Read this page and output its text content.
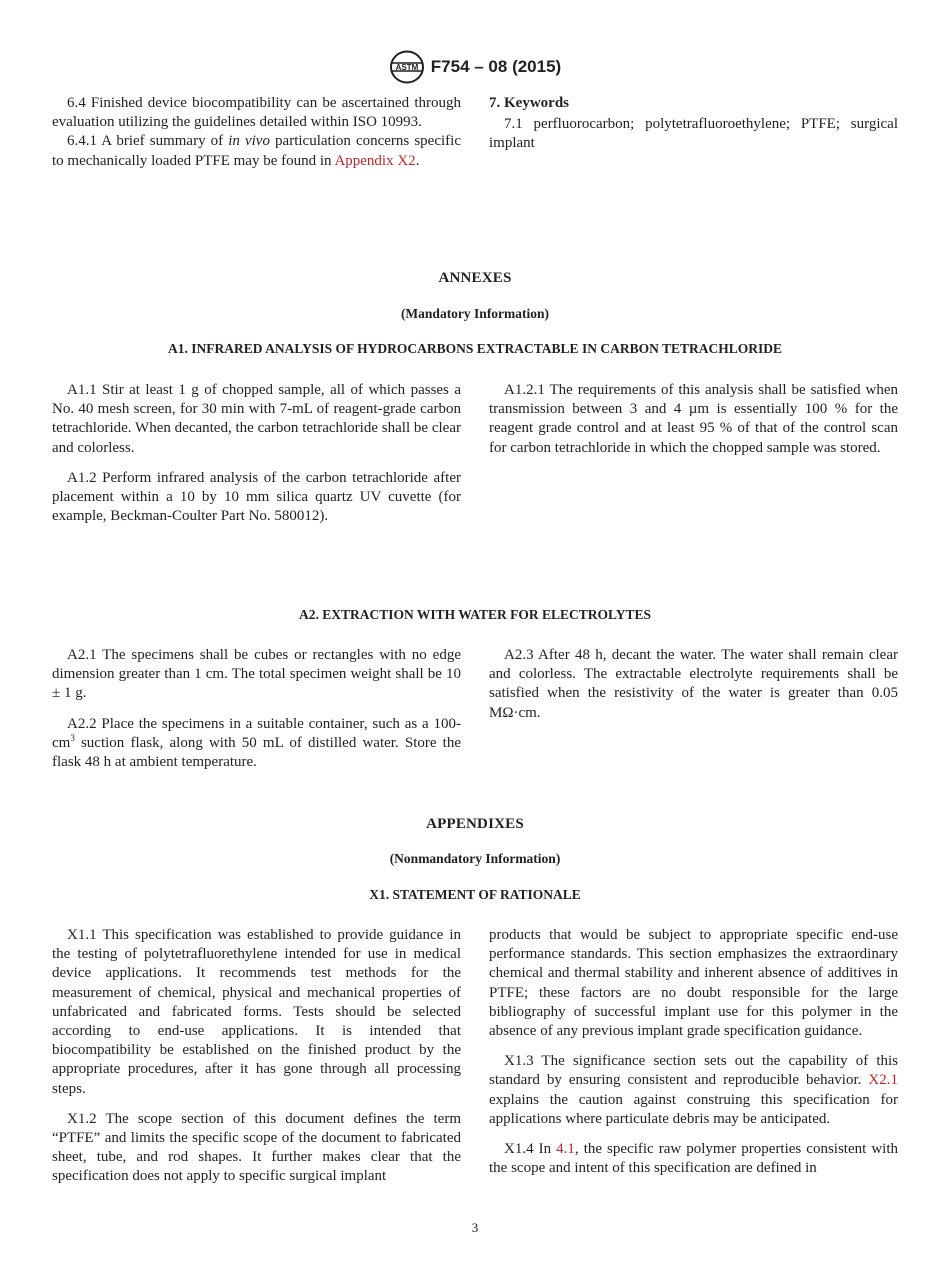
ASTM F754 – 08 (2015)

6.4 Finished device biocompatibility can be ascertained through evaluation utilizing the guidelines detailed within ISO 10993.

6.4.1 A brief summary of in vivo particulation concerns specific to mechanically loaded PTFE may be found in Appendix X2.

7. Keywords

7.1 perfluorocarbon; polytetrafluoroethylene; PTFE; surgical implant

ANNEXES
(Mandatory Information)
A1. INFRARED ANALYSIS OF HYDROCARBONS EXTRACTABLE IN CARBON TETRACHLORIDE

A1.1 Stir at least 1 g of chopped sample, all of which passes a No. 40 mesh screen, for 30 min with 7-mL of reagent-grade carbon tetrachloride. When decanted, the carbon tetrachloride shall be clear and colorless.

A1.2 Perform infrared analysis of the carbon tetrachloride after placement within a 10 by 10 mm silica quartz UV cuvette (for example, Beckman-Coulter Part No. 580012).

A1.2.1 The requirements of this analysis shall be satisfied when transmission between 3 and 4 µm is essentially 100 % for the reagent grade control and at least 95 % of that of the control scan for carbon tetrachloride in which the chopped sample was stored.

A2. EXTRACTION WITH WATER FOR ELECTROLYTES

A2.1 The specimens shall be cubes or rectangles with no edge dimension greater than 1 cm. The total specimen weight shall be 10 ± 1 g.

A2.2 Place the specimens in a suitable container, such as a $100-cm^3$ suction flask, along with 50 mL of distilled water. Store the flask 48 h at ambient temperature.

A2.3 After 48 h, decant the water. The water shall remain clear and colorless. The extractable electrolyte requirements shall be satisfied when the resistivity of the water is greater than 0.05 MΩ·cm.

APPENDIXES
(Nonmandatory Information)
X1. STATEMENT OF RATIONALE

X1.1 This specification was established to provide guidance in the testing of polytetrafluorethylene intended for use in medical device applications. It recommends test methods for the measurement of chemical, physical and mechanical properties of unfabricated and fabricated forms. Tests should be selected according to end-use applications. It is intended that biocompatibility be established on the finished product by the appropriate procedures, after it has gone through all processing steps.

X1.2 The scope section of this document defines the term “PTFE” and limits the specific scope of the document to fabricated sheet, tube, and rod shapes. It further makes clear that the specification does not apply to specific surgical implant

products that would be subject to appropriate specific end-use performance standards. This section emphasizes the extraordinary chemical and thermal stability and inherent absence of additives in PTFE; these factors are no doubt responsible for the large bibliography of successful implant use for this polymer in the absence of any previous implant grade specification guidance.

X1.3 The significance section sets out the capability of this standard by ensuring consistent and reproducible behavior. X2.1 explains the caution against construing this specification for applications where particulate debris may be anticipated.

X1.4 In 4.1, the specific raw polymer properties consistent with the scope and intent of this specification are defined in

3
